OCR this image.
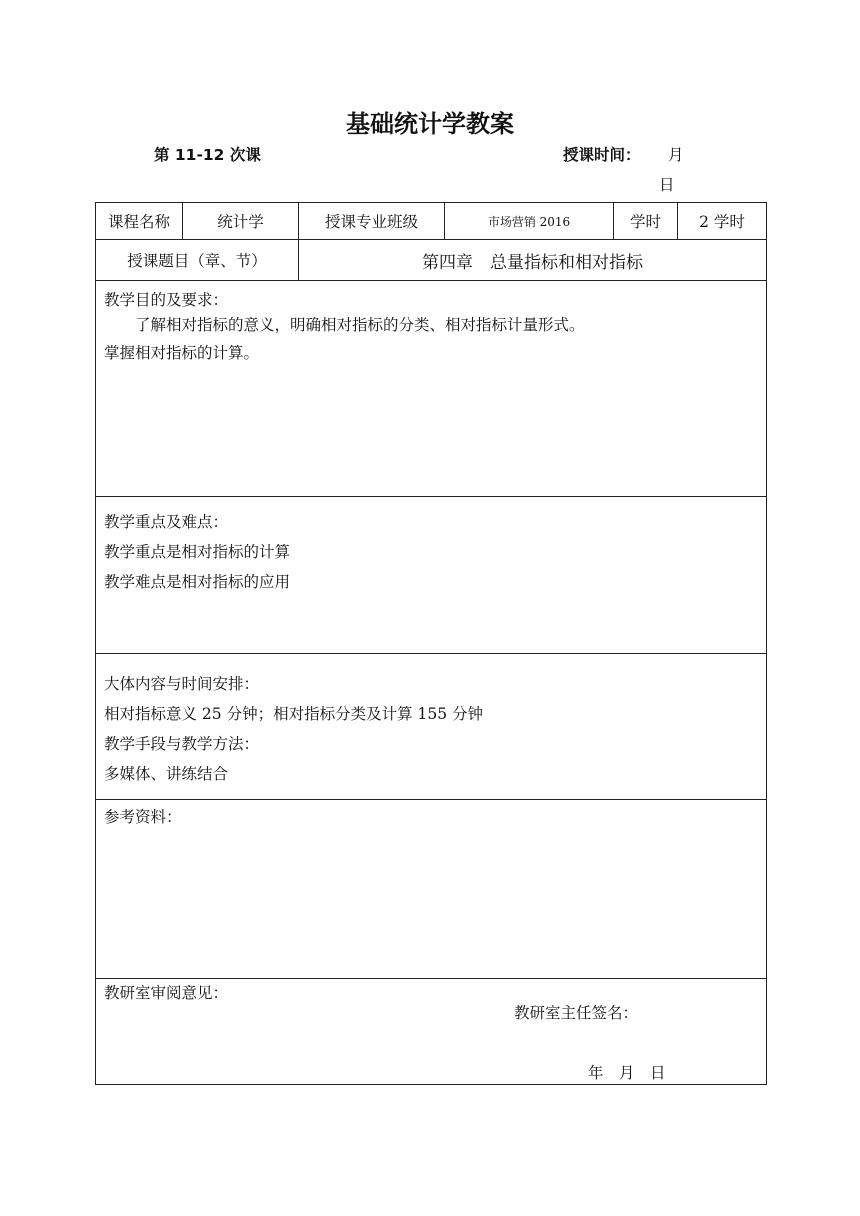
基础统计学教案
第 11-12 次课	授课时间： 月
日
课程名称	统计学	授课专业班级	市场营销 2016	学时	2 学时
授课题目（章、节）		第四章　总量指标和相对指标			

教学目的及要求：
了解相对指标的意义，明确相对指标的分类、相对指标计量形式。
掌握相对指标的计算。					

教学重点及难点：
教学重点是相对指标的计算
教学难点是相对指标的应用					

大体内容与时间安排：
相对指标意义 25 分钟；相对指标分类及计算 155 分钟
教学手段与教学方法：
多媒体、讲练结合					

参考资料：					

教研室审阅意见：
教研室主任签名：
年　月　日					
